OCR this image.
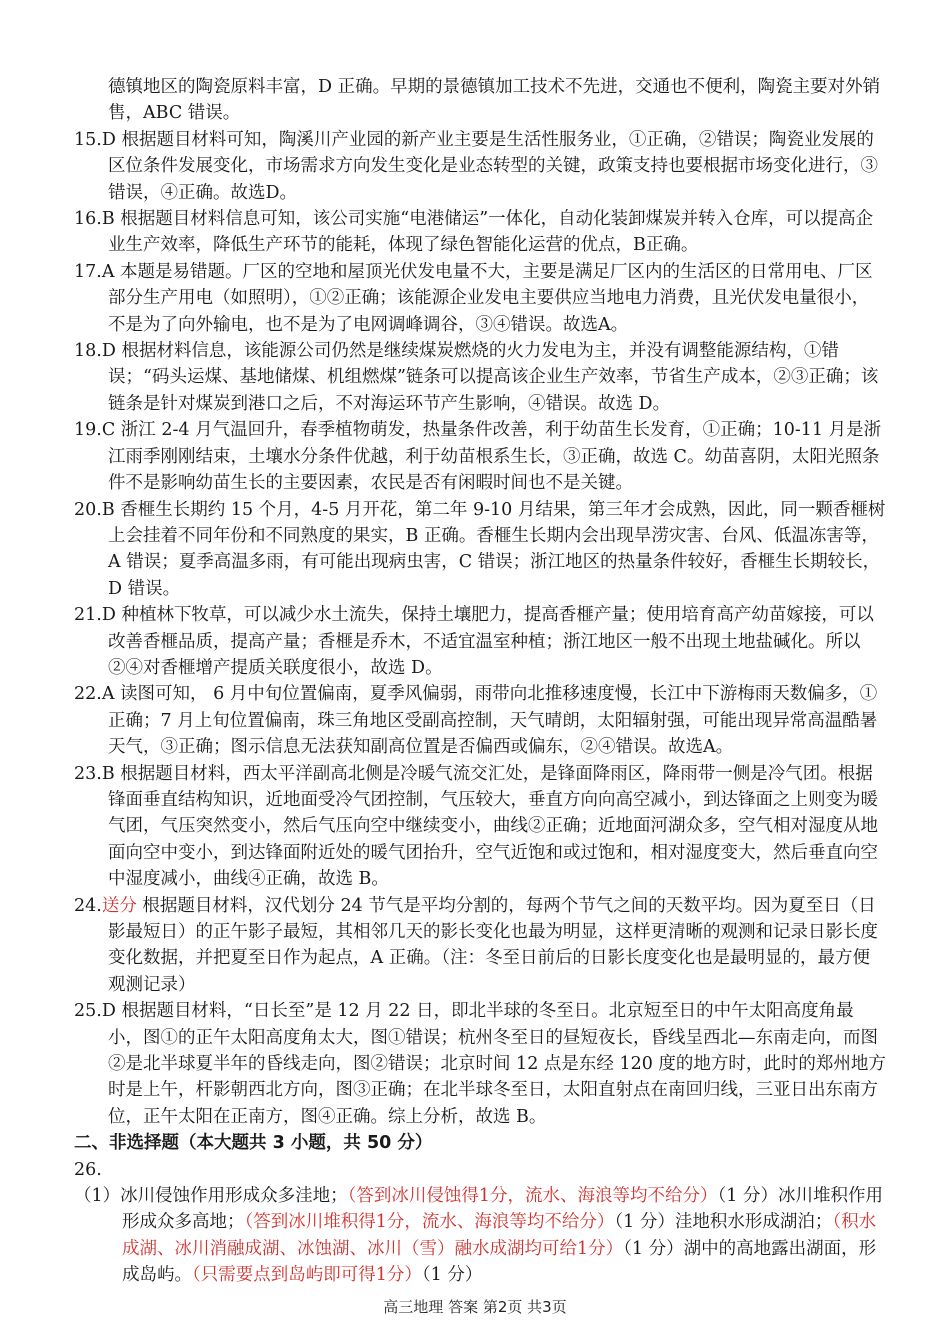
德镇地区的陶瓷原料丰富，D 正确。早期的景德镇加工技术不先进，交通也不便利，陶瓷主要对外销售，ABC 错误。

15.D 根据题目材料可知，陶溪川产业园的新产业主要是生活性服务业，①正确，②错误；陶瓷业发展的区位条件发展变化，市场需求方向发生变化是业态转型的关键，政策支持也要根据市场变化进行，③错误，④正确。故选D。

16.B 根据题目材料信息可知，该公司实施“电港储运”一体化，自动化装卸煤炭并转入仓库，可以提高企业生产效率，降低生产环节的能耗，体现了绿色智能化运营的优点，B正确。

17.A 本题是易错题。厂区的空地和屋顶光伏发电量不大，主要是满足厂区内的生活区的日常用电、厂区部分生产用电（如照明），①②正确；该能源企业发电主要供应当地电力消费，且光伏发电量很小，不是为了向外输电，也不是为了电网调峰调谷，③④错误。故选A。

18.D 根据材料信息，该能源公司仍然是继续煤炭燃烧的火力发电为主，并没有调整能源结构，①错误；“码头运煤、基地储煤、机组燃煤”链条可以提高该企业生产效率，节省生产成本，②③正确；该链条是针对煤炭到港口之后，不对海运环节产生影响，④错误。故选 D。

19.C 浙江 2-4 月气温回升，春季植物萌发，热量条件改善，利于幼苗生长发育，①正确；10-11 月是浙江雨季刚刚结束，土壤水分条件优越，利于幼苗根系生长，③正确，故选 C。幼苗喜阴，太阳光照条件不是影响幼苗生长的主要因素，农民是否有闲暇时间也不是关键。

20.B 香榧生长期约 15 个月，4-5 月开花，第二年 9-10 月结果，第三年才会成熟，因此，同一颗香榧树上会挂着不同年份和不同熟度的果实，B 正确。香榧生长期内会出现旱涝灾害、台风、低温冻害等，A 错误；夏季高温多雨，有可能出现病虫害，C 错误；浙江地区的热量条件较好，香榧生长期较长，D 错误。

21.D 种植林下牧草，可以减少水土流失，保持土壤肥力，提高香榧产量；使用培育高产幼苗嫁接，可以改善香榧品质，提高产量；香榧是乔木，不适宜温室种植；浙江地区一般不出现土地盐碱化。所以②④对香榧增产提质关联度很小，故选 D。

22.A 读图可知， 6 月中旬位置偏南，夏季风偏弱，雨带向北推移速度慢，长江中下游梅雨天数偏多，①正确；7 月上旬位置偏南，珠三角地区受副高控制，天气晴朗，太阳辐射强，可能出现异常高温酷暑天气，③正确；图示信息无法获知副高位置是否偏西或偏东，②④错误。故选A。

23.B 根据题目材料，西太平洋副高北侧是冷暖气流交汇处，是锋面降雨区，降雨带一侧是冷气团。根据锋面垂直结构知识，近地面受冷气团控制，气压较大，垂直方向向高空减小，到达锋面之上则变为暖气团，气压突然变小，然后气压向空中继续变小，曲线②正确；近地面河湖众多，空气相对湿度从地面向空中变小，到达锋面附近处的暖气团抬升，空气近饱和或过饱和，相对湿度变大，然后垂直向空中湿度减小，曲线④正确，故选 B。

24.送分 根据题目材料，汉代划分 24 节气是平均分割的，每两个节气之间的天数平均。因为夏至日（日影最短日）的正午影子最短，其相邻几天的影长变化也最为明显，这样更清晰的观测和记录日影长度变化数据，并把夏至日作为起点，A 正确。（注：冬至日前后的日影长度变化也是最明显的，最方便观测记录）

25.D 根据题目材料，“日长至”是 12 月 22 日，即北半球的冬至日。北京短至日的中午太阳高度角最小，图①的正午太阳高度角太大，图①错误；杭州冬至日的昼短夜长，昏线呈西北—东南走向，而图②是北半球夏半年的昏线走向，图②错误；北京时间 12 点是东经 120 度的地方时，此时的郑州地方时是上午，杆影朝西北方向，图③正确；在北半球冬至日，太阳直射点在南回归线，三亚日出东南方位，正午太阳在正南方，图④正确。综上分析，故选 B。

二、非选择题（本大题共 3 小题，共 50 分）

26.

（1）冰川侵蚀作用形成众多洼地；（答到冰川侵蚀得1分，流水、海浪等均不给分）（1 分）冰川堆积作用形成众多高地；（答到冰川堆积得1分，流水、海浪等均不给分）（1 分）洼地积水形成湖泊；（积水成湖、冰川消融成湖、冰蚀湖、冰川（雪）融水成湖均可给1分）（1 分）湖中的高地露出湖面，形成岛屿。（只需要点到岛屿即可得1分）（1 分）

高三地理 答案 第2页 共3页
